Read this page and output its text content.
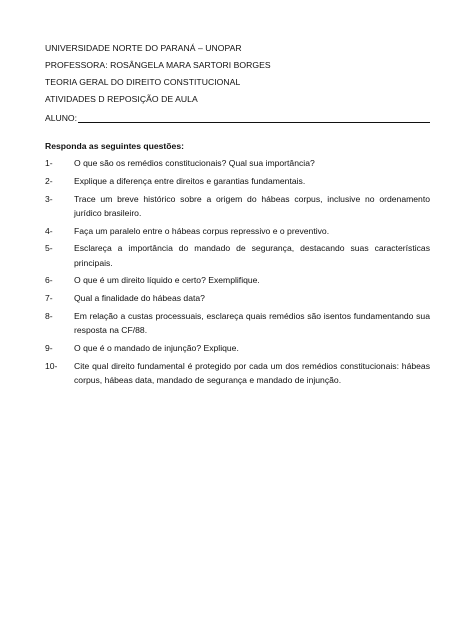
UNIVERSIDADE NORTE DO PARANÁ – UNOPAR
PROFESSORA: ROSÂNGELA MARA SARTORI BORGES
TEORIA GERAL DO DIREITO CONSTITUCIONAL
ATIVIDADES D REPOSIÇÃO DE AULA
ALUNO:
Responda as seguintes questões:
1-	O que são os remédios constitucionais? Qual sua importância?
2-	Explique a diferença entre direitos e garantias fundamentais.
3-	Trace um breve histórico sobre a origem do hábeas corpus, inclusive no ordenamento jurídico brasileiro.
4-	Faça um paralelo entre o hábeas corpus repressivo e o preventivo.
5-	Esclareça a importância do mandado de segurança, destacando suas características principais.
6-	O que é um direito líquido e certo? Exemplifique.
7-	Qual a finalidade do hábeas data?
8-	Em relação a custas processuais, esclareça quais remédios são isentos fundamentando sua resposta na CF/88.
9-	O que é o mandado de injunção? Explique.
10-	Cite qual direito fundamental é protegido por cada um dos remédios constitucionais: hábeas corpus, hábeas data, mandado de segurança e mandado de injunção.
